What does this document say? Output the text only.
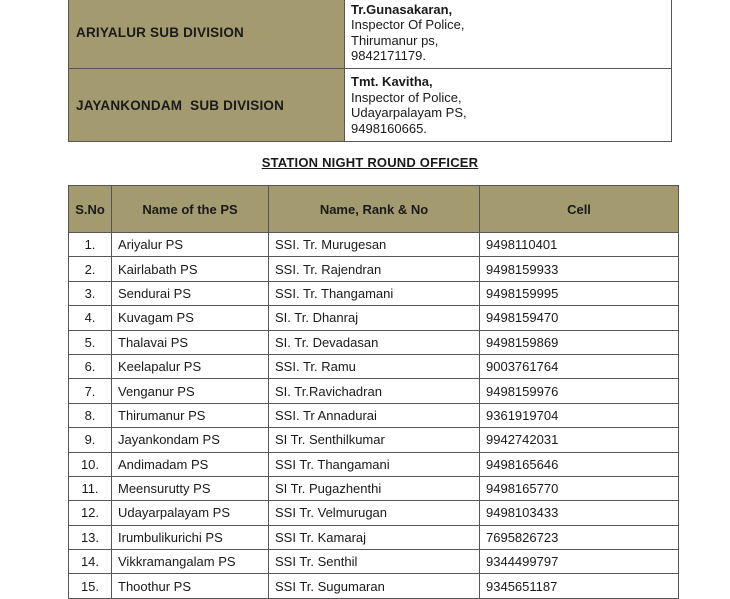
ARIYALUR SUB DIVISION	Tr.Gunasakaran,
Inspector Of Police,
Thirumanur ps,
9842171179.

JAYANKONDAM  SUB DIVISION	Tmt. Kavitha,
Inspector of Police,
Udayarpalayam PS,
9498160665.
STATION NIGHT ROUND OFFICER
S.No	Name of the PS	Name, Rank & No	Cell
1.	Ariyalur PS	SSI. Tr. Murugesan	9498110401
2.	Kairlabath PS	SSI. Tr. Rajendran	9498159933
3.	Sendurai PS	SSI. Tr. Thangamani	9498159995
4.	Kuvagam PS	SI. Tr. Dhanraj	9498159470
5.	Thalavai PS	SI. Tr. Devadasan	9498159869
6.	Keelapalur PS	SSI. Tr. Ramu	9003761764
7.	Venganur PS	SI. Tr.Ravichadran	9498159976
8.	Thirumanur PS	SSI. Tr Annadurai	9361919704
9.	Jayankondam PS	SI Tr. Senthilkumar	9942742031
10.	Andimadam PS	SSI Tr. Thangamani	9498165646
11.	Meensurutty PS	SI Tr. Pugazhenthi	9498165770
12.	Udayarpalayam PS	SSI Tr. Velmurugan	9498103433
13.	Irumbulikurichi PS	SSI Tr. Kamaraj	7695826723
14.	Vikkramangalam PS	SSI Tr. Senthil	9344499797
15.	Thoothur PS	SSI Tr. Sugumaran	9345651187
